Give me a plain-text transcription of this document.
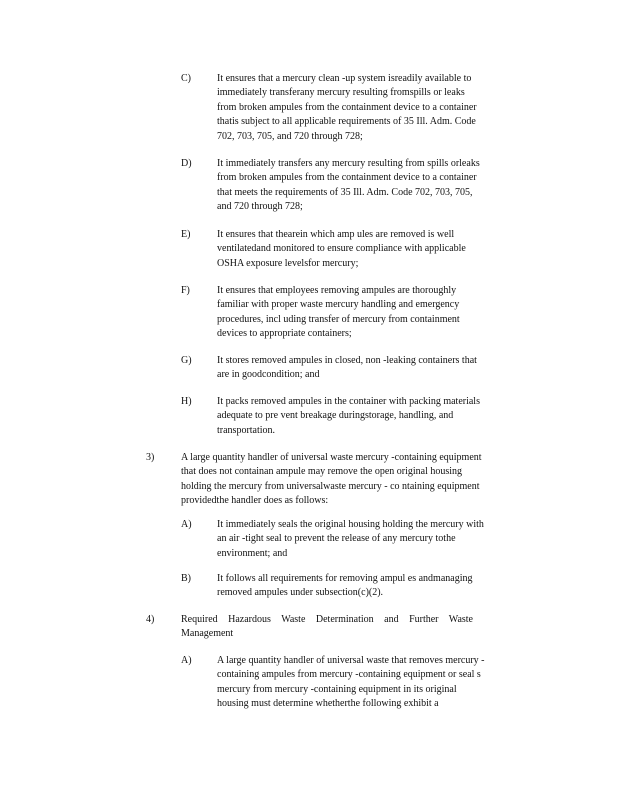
C)	It ensures that a mercury clean -up system isreadily available to
immediately transferany mercury resulting fromspills or leaks
from broken ampules from the containment device to a container
thatis subject to all applicable requirements of 35 Ill. Adm. Code
702, 703, 705, and 720 through 728;
D)	It immediately transfers any mercury resulting from spills orleaks
from broken ampules from the containment device to a container
that meets the requirements of 35 Ill. Adm. Code 702, 703, 705,
and 720 through 728;
E)	It ensures that thearein which amp ules are removed is well
ventilatedand monitored to ensure compliance with applicable
OSHA exposure levelsfor mercury;
F)	It ensures that employees removing ampules are thoroughly
familiar with proper waste mercury handling and emergency
procedures, incl uding transfer of mercury from containment
devices to appropriate containers;
G)	It stores removed ampules in closed, non -leaking containers that
are in goodcondition; and
H)	It packs removed ampules in the container with packing materials
adequate to pre vent breakage duringstorage, handling, and
transportation.
3)	A large quantity handler of universal waste mercury -containing equipment
that does not containan ampule may remove the open original housing
holding the mercury from universalwaste mercury - co ntaining equipment
providedthe handler does as follows:
A)	It immediately seals the original housing holding the mercury with
an air -tight seal to prevent the release of any mercury tothe
environment; and
B)	It follows all requirements for removing ampul es andmanaging
removed ampules under subsection(c)(2).
4)	Required Hazardous Waste Determination and Further Waste
Management
A)	A large quantity handler of universal waste that removes mercury -
containing ampules from mercury -containing equipment or seal s
mercury from mercury -containing equipment in its original
housing must determine whetherthe following exhibit a
